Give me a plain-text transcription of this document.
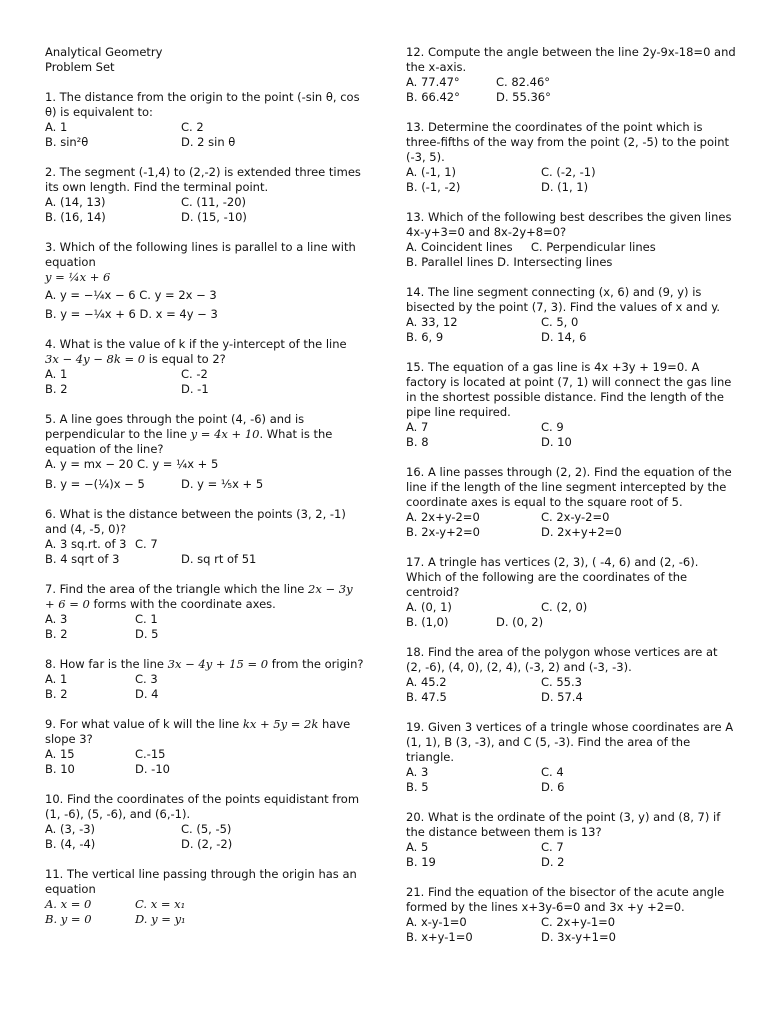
Analytical Geometry
Problem Set

1. The distance from the origin to the point (-sin θ, cos θ) is equivalent to:

A. 1	C. 2
B. sin²θ	D. 2 sin θ

2. The segment (-1,4) to (2,-2) is extended three times its own length. Find the terminal point.

A. (14, 13)	C. (11, -20)
B. (16, 14)	D. (15, -10)

3. Which of the following lines is parallel to a line with equation
y = ¼x + 6

A. y = −¼x − 6 C. y = 2x − 3
B. y = −¼x + 6 D. x = 4y − 3

4. What is the value of k if the y-intercept of the line
3x − 4y − 8k = 0 is equal to 2?

A. 1	C. -2
B. 2	D. -1

5. A line goes through the point (4, -6) and is perpendicular to the line y = 4x + 10. What is the equation of the line?

A. y = mx − 20 C. y = ¼x + 5
B. y = −(¼)x − 5	D. y = ⅕x + 5

6. What is the distance between the points (3, 2, -1) and (4, -5, 0)?

A. 3 sq.rt. of 3 C. 7
B. 4 sqrt of 3	D. sq rt of 51

7. Find the area of the triangle which the line 2x − 3y + 6 = 0 forms with the coordinate axes.

A. 3	C. 1
B. 2	D. 5

8. How far is the line 3x − 4y + 15 = 0 from the origin?

A. 1	C. 3
B. 2	D. 4

9. For what value of k will the line kx + 5y = 2k have slope 3?

A. 15	C.-15
B. 10	D. -10

10. Find the coordinates of the points equidistant from (1, -6), (5, -6), and (6,-1).

A. (3, -3)	C. (5, -5)
B. (4, -4)	D. (2, -2)

11. The vertical line passing through the origin has an equation

A. x = 0	C. x = x₁
B. y = 0	D. y = y₁

12. Compute the angle between the line 2y-9x-18=0 and the x-axis.

A. 77.47°	C. 82.46°
B. 66.42°	D. 55.36°

13. Determine the coordinates of the point which is three-fifths of the way from the point (2, -5) to the point (-3, 5).

A. (-1, 1)	C. (-2, -1)
B. (-1, -2)	D. (1, 1)

13. Which of the following best describes the given lines 4x-y+3=0 and 8x-2y+8=0?

A. Coincident lines C. Perpendicular lines
B. Parallel lines D. Intersecting lines

14. The line segment connecting (x, 6) and (9, y) is bisected by the point (7, 3). Find the values of x and y.

A. 33, 12	C. 5, 0
B. 6, 9	D. 14, 6

15. The equation of a gas line is 4x +3y + 19=0. A factory is located at point (7, 1) will connect the gas line in the shortest possible distance. Find the length of the pipe line required.

A. 7	C. 9
B. 8	D. 10

16. A line passes through (2, 2). Find the equation of the line if the length of the line segment intercepted by the coordinate axes is equal to the square root of 5.

A. 2x+y-2=0	C. 2x-y-2=0
B. 2x-y+2=0	D. 2x+y+2=0

17. A tringle has vertices (2, 3), ( -4, 6) and (2, -6). Which of the following are the coordinates of the centroid?

A. (0, 1)	C. (2, 0)
B. (1,0)	D. (0, 2)

18. Find the area of the polygon whose vertices are at (2, -6), (4, 0), (2, 4), (-3, 2) and (-3, -3).

A. 45.2	C. 55.3
B. 47.5	D. 57.4

19. Given 3 vertices of a tringle whose coordinates are A (1, 1), B (3, -3), and C (5, -3). Find the area of the triangle.

A. 3	C. 4
B. 5	D. 6

20. What is the ordinate of the point (3, y) and (8, 7) if the distance between them is 13?

A. 5	C. 7
B. 19	D. 2

21. Find the equation of the bisector of the acute angle formed by the lines x+3y-6=0 and 3x +y +2=0.

A. x-y-1=0	C. 2x+y-1=0
B. x+y-1=0	D. 3x-y+1=0
